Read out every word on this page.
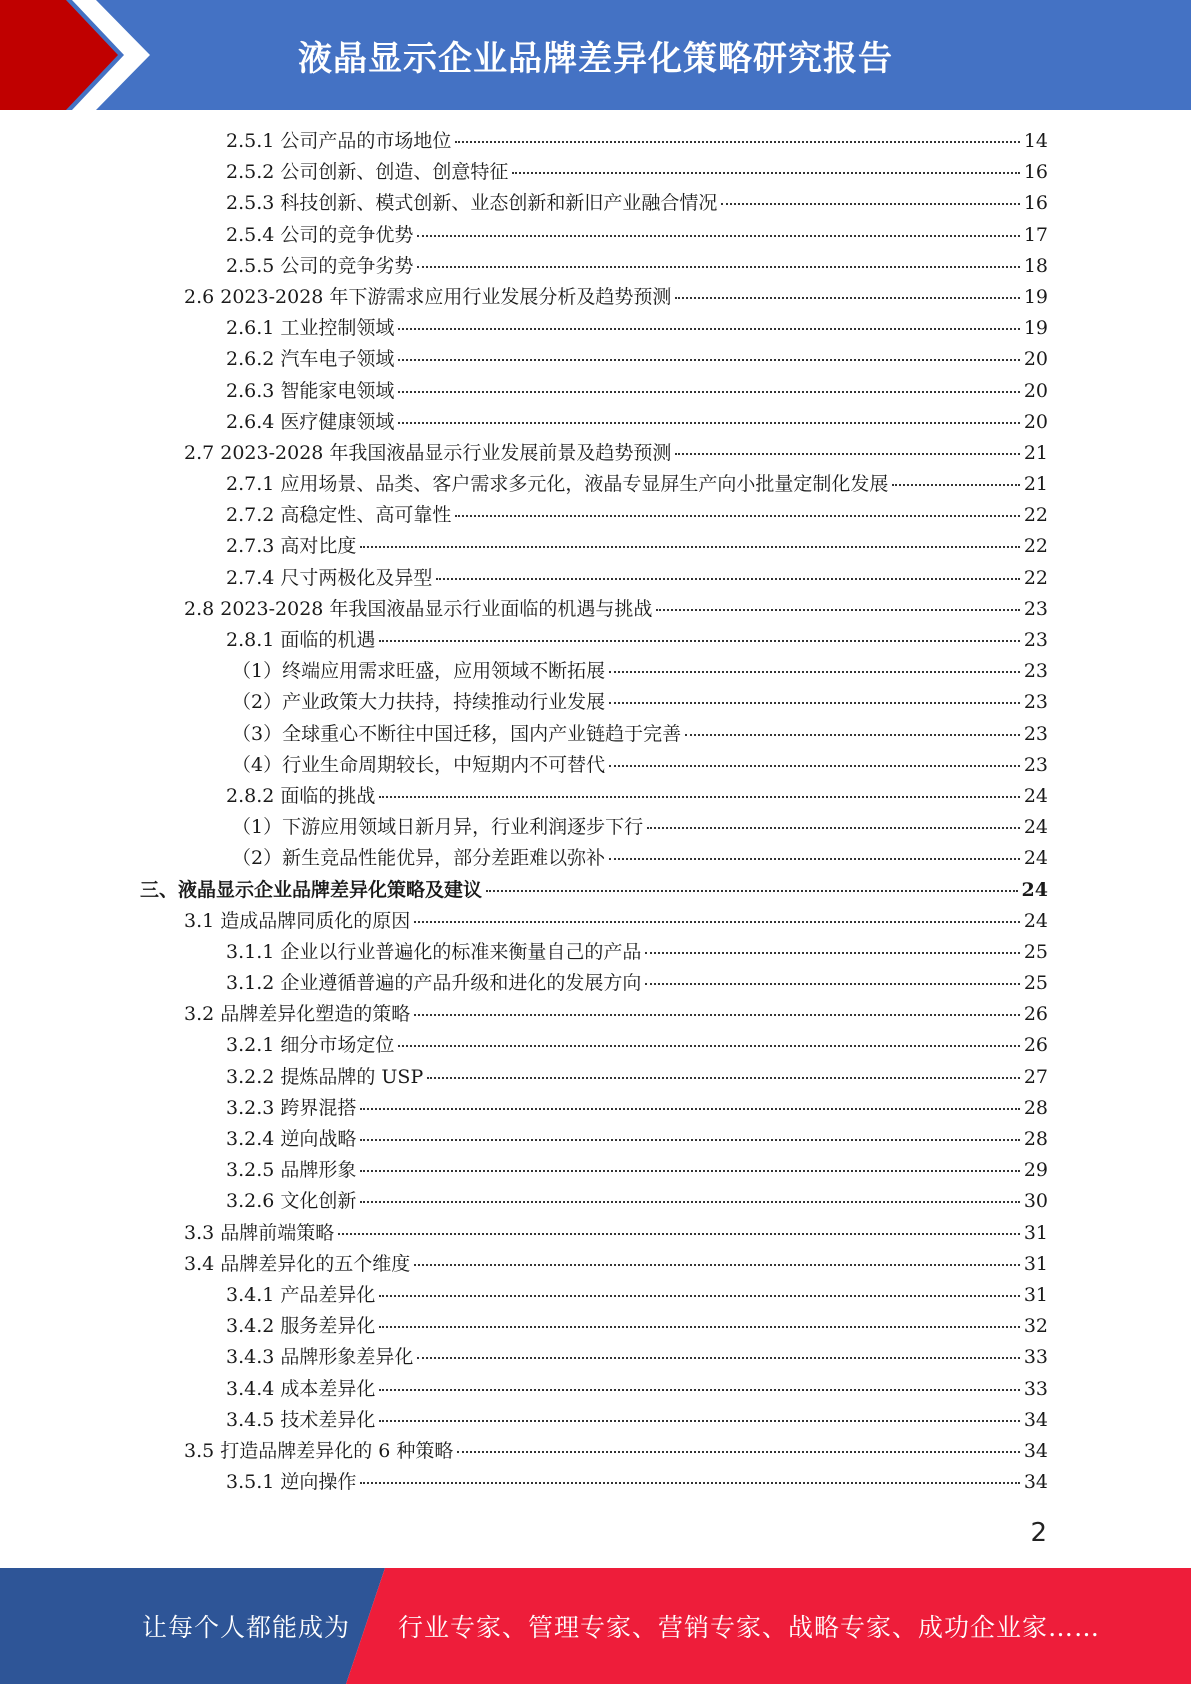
液晶显示企业品牌差异化策略研究报告
2.5.1 公司产品的市场地位	14
2.5.2 公司创新、创造、创意特征	16
2.5.3 科技创新、模式创新、业态创新和新旧产业融合情况	16
2.5.4 公司的竞争优势	17
2.5.5 公司的竞争劣势	18
2.6 2023-2028 年下游需求应用行业发展分析及趋势预测	19
2.6.1 工业控制领域	19
2.6.2 汽车电子领域	20
2.6.3 智能家电领域	20
2.6.4 医疗健康领域	20
2.7 2023-2028 年我国液晶显示行业发展前景及趋势预测	21
2.7.1 应用场景、品类、客户需求多元化，液晶专显屏生产向小批量定制化发展	21
2.7.2 高稳定性、高可靠性	22
2.7.3 高对比度	22
2.7.4 尺寸两极化及异型	22
2.8 2023-2028 年我国液晶显示行业面临的机遇与挑战	23
2.8.1 面临的机遇	23
（1）终端应用需求旺盛，应用领域不断拓展	23
（2）产业政策大力扶持，持续推动行业发展	23
（3）全球重心不断往中国迁移，国内产业链趋于完善	23
（4）行业生命周期较长，中短期内不可替代	23
2.8.2 面临的挑战	24
（1）下游应用领域日新月异，行业利润逐步下行	24
（2）新生竞品性能优异，部分差距难以弥补	24
三、液晶显示企业品牌差异化策略及建议	24
3.1 造成品牌同质化的原因	24
3.1.1 企业以行业普遍化的标准来衡量自己的产品	25
3.1.2 企业遵循普遍的产品升级和进化的发展方向	25
3.2 品牌差异化塑造的策略	26
3.2.1 细分市场定位	26
3.2.2 提炼品牌的 USP	27
3.2.3 跨界混搭	28
3.2.4 逆向战略	28
3.2.5 品牌形象	29
3.2.6 文化创新	30
3.3 品牌前端策略	31
3.4 品牌差异化的五个维度	31
3.4.1 产品差异化	31
3.4.2 服务差异化	32
3.4.3 品牌形象差异化	33
3.4.4 成本差异化	33
3.4.5 技术差异化	34
3.5 打造品牌差异化的 6 种策略	34
3.5.1 逆向操作	34
2
让每个人都能成为 行业专家、管理专家、营销专家、战略专家、成功企业家……
